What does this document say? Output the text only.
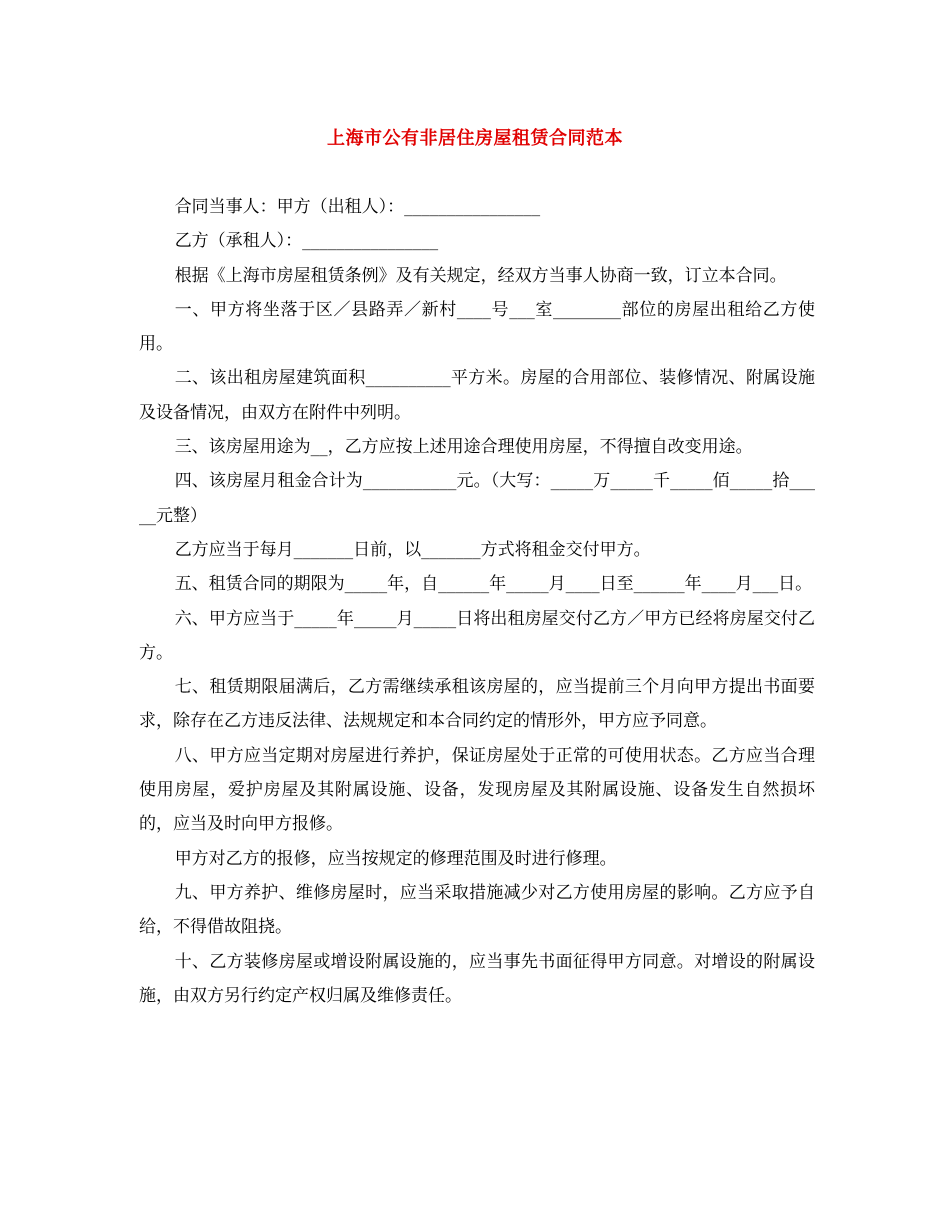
上海市公有非居住房屋租赁合同范本

合同当事人：甲方（出租人）：________________

乙方（承租人）：________________

根据《上海市房屋租赁条例》及有关规定，经双方当事人协商一致，订立本合同。

一、甲方将坐落于区／县路弄／新村____号___室________部位的房屋出租给乙方使用。

二、该出租房屋建筑面积__________平方米。房屋的合用部位、装修情况、附属设施及设备情况，由双方在附件中列明。

三、该房屋用途为__，乙方应按上述用途合理使用房屋，不得擅自改变用途。

四、该房屋月租金合计为___________元。（大写：_____万_____千_____佰_____拾_____元整）

乙方应当于每月_______日前，以_______方式将租金交付甲方。

五、租赁合同的期限为_____年，自______年_____月____日至______年____月___日。

六、甲方应当于_____年_____月_____日将出租房屋交付乙方／甲方已经将房屋交付乙方。

七、租赁期限届满后，乙方需继续承租该房屋的，应当提前三个月向甲方提出书面要求，除存在乙方违反法律、法规规定和本合同约定的情形外，甲方应予同意。

八、甲方应当定期对房屋进行养护，保证房屋处于正常的可使用状态。乙方应当合理使用房屋，爱护房屋及其附属设施、设备，发现房屋及其附属设施、设备发生自然损坏的，应当及时向甲方报修。

甲方对乙方的报修，应当按规定的修理范围及时进行修理。

九、甲方养护、维修房屋时，应当采取措施减少对乙方使用房屋的影响。乙方应予自给，不得借故阻挠。

十、乙方装修房屋或增设附属设施的，应当事先书面征得甲方同意。对增设的附属设施，由双方另行约定产权归属及维修责任。
